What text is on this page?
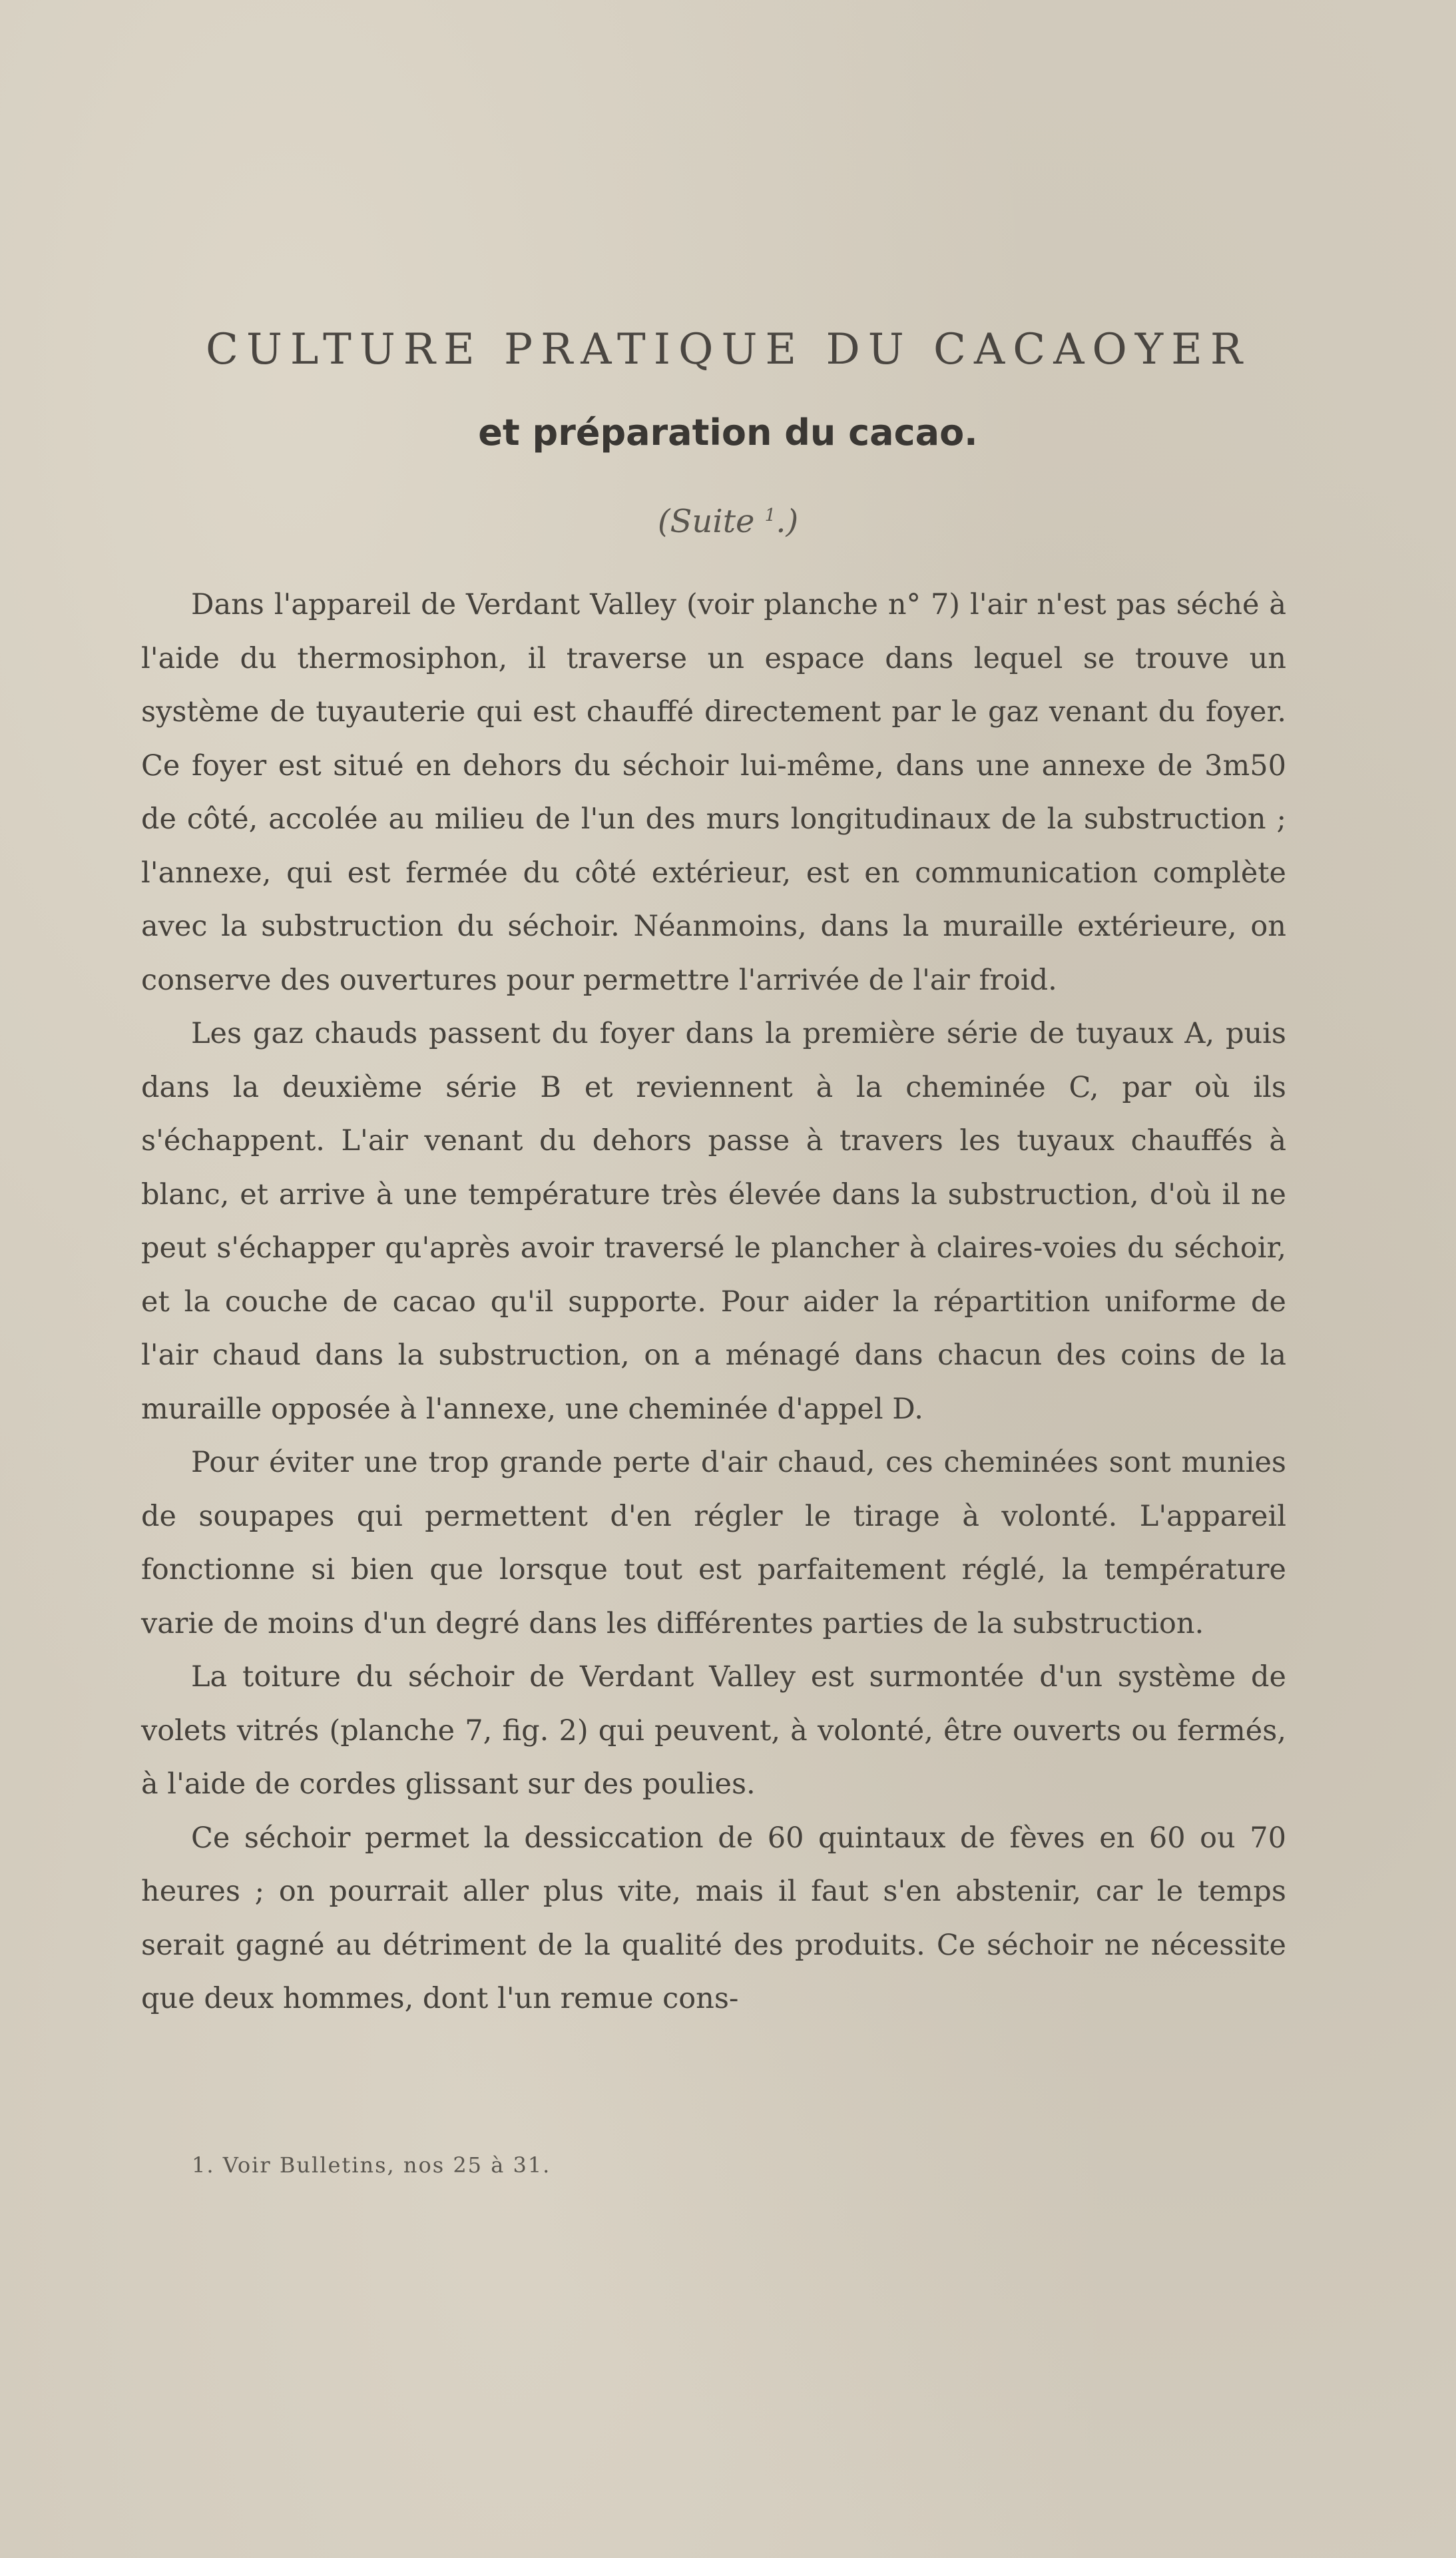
CULTURE PRATIQUE DU CACAOYER
et préparation du cacao.
(Suite $^1$.)

Dans l'appareil de Verdant Valley (voir planche n° 7) l'air n'est pas séché à l'aide du thermosiphon, il traverse un espace dans lequel se trouve un système de tuyauterie qui est chauffé directement par le gaz venant du foyer. Ce foyer est situé en dehors du séchoir lui-même, dans une annexe de 3m50 de côté, accolée au milieu de l'un des murs longitudinaux de la substruction ; l'annexe, qui est fermée du côté extérieur, est en communication complète avec la substruction du séchoir. Néanmoins, dans la muraille extérieure, on conserve des ouvertures pour permettre l'arrivée de l'air froid.

Les gaz chauds passent du foyer dans la première série de tuyaux A, puis dans la deuxième série B et reviennent à la cheminée C, par où ils s'échappent. L'air venant du dehors passe à travers les tuyaux chauffés à blanc, et arrive à une température très élevée dans la substruction, d'où il ne peut s'échapper qu'après avoir traversé le plancher à claires-voies du séchoir, et la couche de cacao qu'il supporte. Pour aider la répartition uniforme de l'air chaud dans la substruction, on a ménagé dans chacun des coins de la muraille opposée à l'annexe, une cheminée d'appel D.

Pour éviter une trop grande perte d'air chaud, ces cheminées sont munies de soupapes qui permettent d'en régler le tirage à volonté. L'appareil fonctionne si bien que lorsque tout est parfaitement réglé, la température varie de moins d'un degré dans les différentes parties de la substruction.

La toiture du séchoir de Verdant Valley est surmontée d'un système de volets vitrés (planche 7, fig. 2) qui peuvent, à volonté, être ouverts ou fermés, à l'aide de cordes glissant sur des poulies.

Ce séchoir permet la dessiccation de 60 quintaux de fèves en 60 ou 70 heures ; on pourrait aller plus vite, mais il faut s'en abstenir, car le temps serait gagné au détriment de la qualité des produits. Ce séchoir ne nécessite que deux hommes, dont l'un remue cons-

1. Voir Bulletins, nos 25 à 31.
